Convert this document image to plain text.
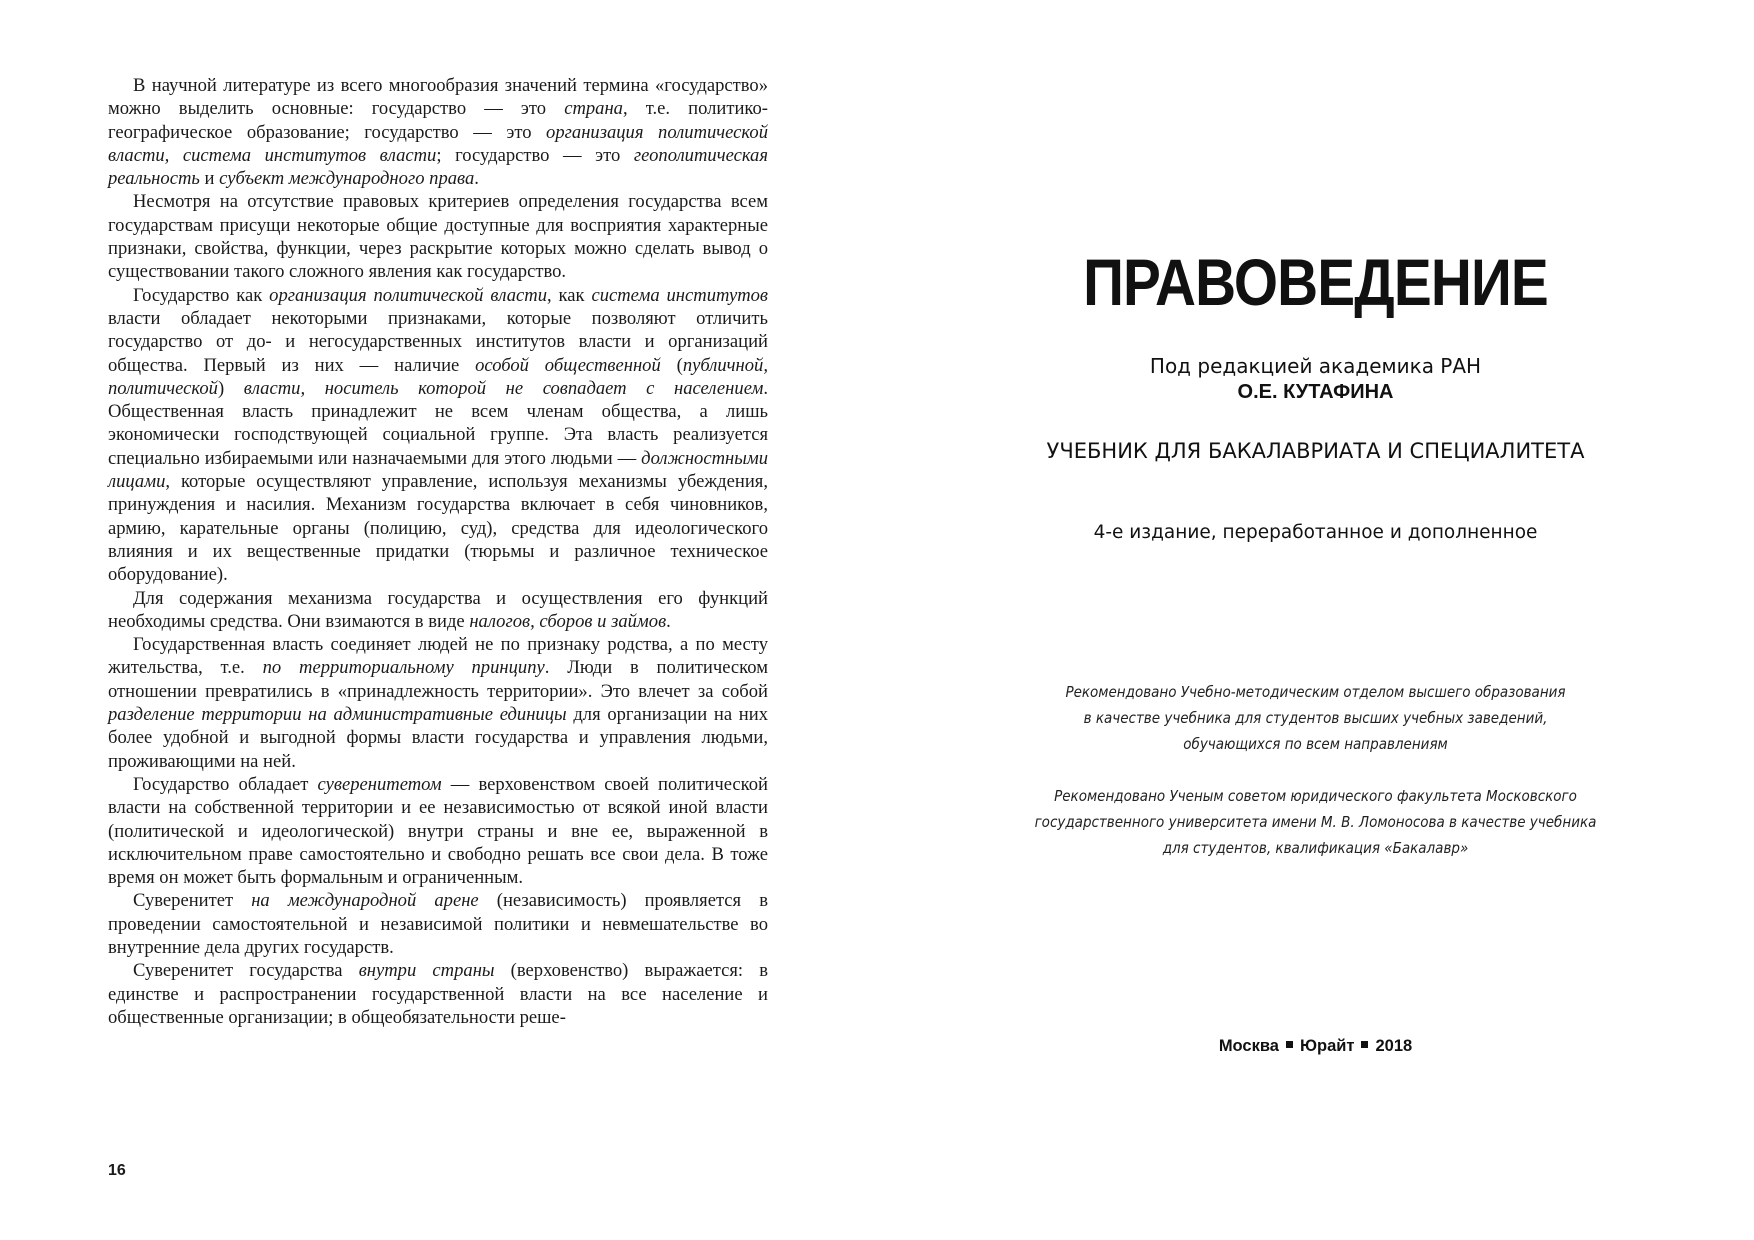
В научной литературе из всего многообразия значений термина «государство» можно выделить основные: государство — это страна, т.е. политико-географическое образование; государство — это организация политической власти, система институтов власти; государство — это геополитическая реальность и субъект международного права.

Несмотря на отсутствие правовых критериев определения государства всем государствам присущи некоторые общие доступные для восприятия характерные признаки, свойства, функции, через раскрытие которых можно сделать вывод о существовании такого сложного явления как государство.

Государство как организация политической власти, как система институтов власти обладает некоторыми признаками, которые позволяют отличить государство от до- и негосударственных институтов власти и организаций общества. Первый из них — наличие особой общественной (публичной, политической) власти, носитель которой не совпадает с населением. Общественная власть принадлежит не всем членам общества, а лишь экономически господствующей социальной группе. Эта власть реализуется специально избираемыми или назначаемыми для этого людьми — должностными лицами, которые осуществляют управление, используя механизмы убеждения, принуждения и насилия. Механизм государства включает в себя чиновников, армию, карательные органы (полицию, суд), средства для идеологического влияния и их вещественные придатки (тюрьмы и различное техническое оборудование).

Для содержания механизма государства и осуществления его функций необходимы средства. Они взимаются в виде налогов, сборов и займов.

Государственная власть соединяет людей не по признаку родства, а по месту жительства, т.е. по территориальному принципу. Люди в политическом отношении превратились в «принадлежность территории». Это влечет за собой разделение территории на административные единицы для организации на них более удобной и выгодной формы власти государства и управления людьми, проживающими на ней.

Государство обладает суверенитетом — верховенством своей политической власти на собственной территории и ее независимостью от всякой иной власти (политической и идеологической) внутри страны и вне ее, выраженной в исключительном праве самостоятельно и свободно решать все свои дела. В тоже время он может быть формальным и ограниченным.

Суверенитет на международной арене (независимость) проявляется в проведении самостоятельной и независимой политики и невмешательстве во внутренние дела других государств.

Суверенитет государства внутри страны (верховенство) выражается: в единстве и распространении государственной власти на все население и общественные организации; в общеобязательности реше-

16
ПРАВОВЕДЕНИЕ
Под редакцией академика РАН
О.Е. КУТАФИНА
УЧЕБНИК ДЛЯ БАКАЛАВРИАТА И СПЕЦИАЛИТЕТА
4-е издание, переработанное и дополненное
Рекомендовано Учебно-методическим отделом высшего образования
в качестве учебника для студентов высших учебных заведений,
обучающихся по всем направлениям
Рекомендовано Ученым советом юридического факультета Московского
государственного университета имени М. В. Ломоносова в качестве учебника
для студентов, квалификация «Бакалавр»
Москва Юрайт 2018
